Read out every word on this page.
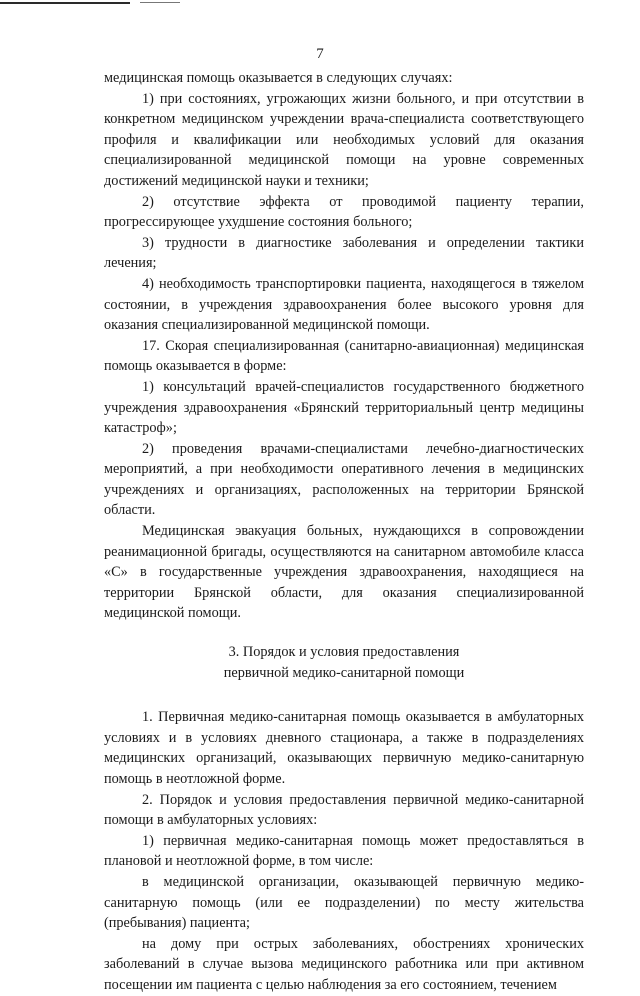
7

медицинская помощь оказывается в следующих случаях:

1) при состояниях, угрожающих жизни больного, и при отсутствии в конкретном медицинском учреждении врача-специалиста соответствующего профиля и квалификации или необходимых условий для оказания специализированной медицинской помощи на уровне современных достижений медицинской науки и техники;

2) отсутствие эффекта от проводимой пациенту терапии, прогрессирующее ухудшение состояния больного;

3) трудности в диагностике заболевания и определении тактики лечения;

4) необходимость транспортировки пациента, находящегося в тяжелом состоянии, в учреждения здравоохранения более высокого уровня для оказания специализированной медицинской помощи.

17. Скорая специализированная (санитарно-авиационная) медицинская помощь оказывается в форме:

1) консультаций врачей-специалистов государственного бюджетного учреждения здравоохранения «Брянский территориальный центр медицины катастроф»;

2) проведения врачами-специалистами лечебно-диагностических мероприятий, а при необходимости оперативного лечения в медицинских учреждениях и организациях, расположенных на территории Брянской области.

Медицинская эвакуация больных, нуждающихся в сопровождении реанимационной бригады, осуществляются на санитарном автомобиле класса «С» в государственные учреждения здравоохранения, находящиеся на территории Брянской области, для оказания специализированной медицинской помощи.

3. Порядок и условия предоставления
первичной медико-санитарной помощи

1. Первичная медико-санитарная помощь оказывается в амбулаторных условиях и в условиях дневного стационара, а также в подразделениях медицинских организаций, оказывающих первичную медико-санитарную помощь в неотложной форме.

2. Порядок и условия предоставления первичной медико-санитарной помощи в амбулаторных условиях:

1) первичная медико-санитарная помощь может предоставляться в плановой и неотложной форме, в том числе:

в медицинской организации, оказывающей первичную медико-санитарную помощь (или ее подразделении) по месту жительства (пребывания) пациента;

на дому при острых заболеваниях, обострениях хронических заболеваний в случае вызова медицинского работника или при активном посещении им пациента с целью наблюдения за его состоянием, течением
